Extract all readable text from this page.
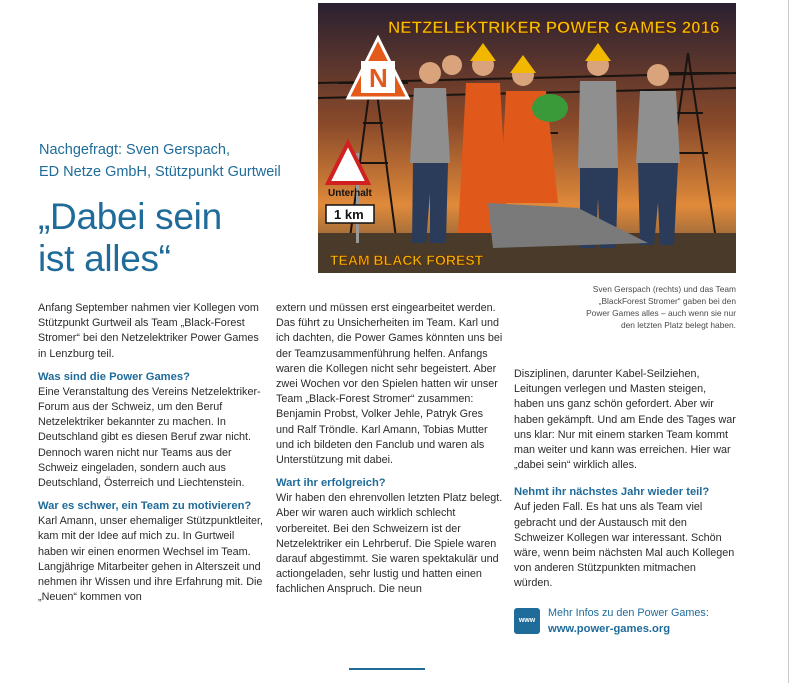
NETZELEKTRIKER POWER GAMES 2016
N
Unterhalt
1 km
TEAM BLACK FOREST
Sven Gerspach (rechts) und das Team
„BlackForest Stromer“ gaben bei den
Power Games alles – auch wenn sie nur
den letzten Platz belegt haben.
Nachgefragt: Sven Gerspach,
ED Netze GmbH, Stützpunkt Gurtweil
„Dabei sein
ist alles“

Anfang September nahmen vier Kollegen vom Stützpunkt Gurtweil als Team „Black-Forest Stromer“ bei den Netzelektriker Power Games in Lenzburg teil.

Was sind die Power Games?

Eine Veranstaltung des Vereins Netzelektriker-Forum aus der Schweiz, um den Beruf Netzelektriker bekannter zu machen. In Deutschland gibt es diesen Beruf zwar nicht. Dennoch waren nicht nur Teams aus der Schweiz eingeladen, sondern auch aus Deutschland, Österreich und Liechtenstein.

War es schwer, ein Team zu motivieren?

Karl Amann, unser ehemaliger Stützpunktleiter, kam mit der Idee auf mich zu. In Gurtweil haben wir einen enormen Wechsel im Team. Langjährige Mitarbeiter gehen in Alterszeit und nehmen ihr Wissen und ihre Erfahrung mit. Die „Neuen“ kommen von

extern und müssen erst eingearbeitet werden. Das führt zu Unsicherheiten im Team. Karl und ich dachten, die Power Games könnten uns bei der Teamzusammenführung helfen. Anfangs waren die Kollegen nicht sehr begeistert. Aber zwei Wochen vor den Spielen hatten wir unser Team „Black-Forest Stromer“ zusammen: Benjamin Probst, Volker Jehle, Patryk Gres und Ralf Tröndle. Karl Amann, Tobias Mutter und ich bildeten den Fanclub und waren als Unterstützung mit dabei.

Wart ihr erfolgreich?

Wir haben den ehrenvollen letzten Platz belegt. Aber wir waren auch wirklich schlecht vorbereitet. Bei den Schweizern ist der Netzelektriker ein Lehrberuf. Die Spiele waren darauf abgestimmt. Sie waren spektakulär und actiongeladen, sehr lustig und hatten einen fachlichen Anspruch. Die neun

Disziplinen, darunter Kabel-Seilziehen, Leitungen verlegen und Masten steigen, haben uns ganz schön gefordert. Aber wir haben gekämpft. Und am Ende des Tages war uns klar: Nur mit einem starken Team kommt man weiter und kann was erreichen. Hier war „dabei sein“ wirklich alles.

Nehmt ihr nächstes Jahr wieder teil?

Auf jeden Fall. Es hat uns als Team viel gebracht und der Austausch mit den Schweizer Kollegen war interessant. Schön wäre, wenn beim nächsten Mal auch Kollegen von anderen Stützpunkten mitmachen würden.

www
Mehr Infos zu den Power Games:
www.power-games.org
